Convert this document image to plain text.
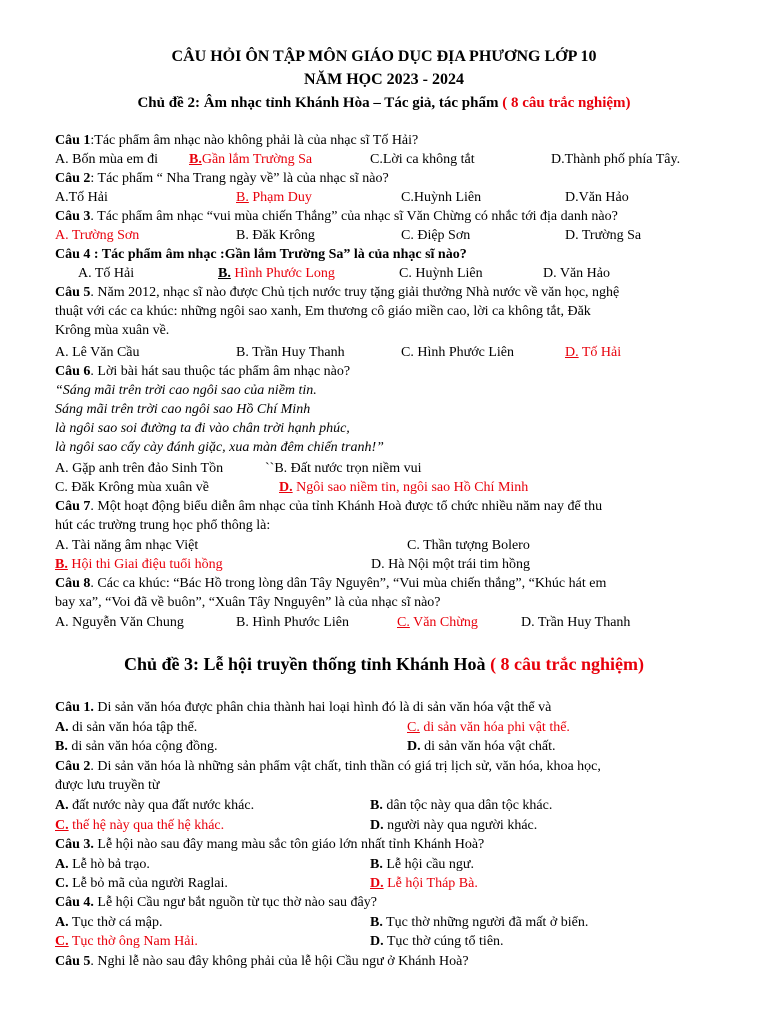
CÂU HỎI ÔN TẬP MÔN GIÁO DỤC ĐỊA PHƯƠNG LỚP 10
NĂM HỌC 2023 - 2024
Chủ đề 2: Âm nhạc tỉnh Khánh Hòa – Tác giả, tác phẩm ( 8 câu trắc nghiệm)
Câu 1:Tác phẩm âm nhạc nào không phải là của nhạc sĩ Tố Hải?
A. Bốn mùa em đi B.Gần lắm Trường Sa	C.Lời ca không tắt	D.Thành phố phía Tây.
Câu 2: Tác phẩm “ Nha Trang ngày về” là của nhạc sĩ nào?
A.Tố Hải	B. Phạm Duy	C.Huỳnh Liên	D.Văn Hảo
Câu 3. Tác phẩm âm nhạc “vui mùa chiến Thắng” của nhạc sĩ Văn Chừng có nhắc tới địa danh nào?
A. Trường Sơn	B. Đăk Krông	C. Điệp Sơn	D. Trường Sa
Câu 4 : Tác phẩm âm nhạc :Gần lắm Trường Sa” là của nhạc sĩ nào?
A. Tố Hải	B. Hình Phước Long	C. Huỳnh Liên	D. Văn Hảo
Câu 5. Năm 2012, nhạc sĩ nào được Chủ tịch nước truy tặng giải thưởng Nhà nước về văn học, nghệ
thuật với các ca khúc: những ngôi sao xanh, Em thương cô giáo miền cao, lời ca không tắt, Đăk
Krông mùa xuân về.
A. Lê Văn Cầu	B. Trần Huy Thanh	C. Hình Phước Liên	D. Tố Hải
Câu 6. Lời bài hát sau thuộc tác phẩm âm nhạc nào?
“Sáng mãi trên trời cao ngôi sao của niềm tin.
Sáng mãi trên trời cao ngôi sao Hồ Chí Minh
là ngôi sao soi đường ta đi vào chân trời hạnh phúc,
là ngôi sao cấy cày đánh giặc, xua màn đêm chiến tranh!”
A. Gặp anh trên đảo Sinh Tồn	``B. Đất nước trọn niềm vui
C. Đăk Krông mùa xuân về	D. Ngôi sao niềm tin, ngôi sao Hồ Chí Minh
Câu 7. Một hoạt động biểu diễn âm nhạc của tỉnh Khánh Hoà được tổ chức nhiều năm nay để thu
hút các trường trung học phổ thông là:
A. Tài năng âm nhạc Việt	C. Thần tượng Bolero
B. Hội thi Giai điệu tuổi hồng	D. Hà Nội một trái tim hồng
Câu 8. Các ca khúc: “Bác Hồ trong lòng dân Tây Nguyên”, “Vui mùa chiến thắng”, “Khúc hát em
bay xa”, “Voi đã về buôn”, “Xuân Tây Nnguyên” là của nhạc sĩ nào?
A. Nguyễn Văn Chung	B. Hình Phước Liên	C. Văn Chừng	D. Trần Huy Thanh
Chủ đề 3: Lễ hội truyền thống tỉnh Khánh Hoà ( 8 câu trắc nghiệm)
Câu 1. Di sản văn hóa được phân chia thành hai loại hình đó là di sản văn hóa vật thể và
A. di sản văn hóa tập thể.	C. di sản văn hóa phi vật thể.
B. di sản văn hóa cộng đồng.	D. di sản văn hóa vật chất.
Câu 2. Di sản văn hóa là những sản phẩm vật chất, tinh thần có giá trị lịch sử, văn hóa, khoa học,
được lưu truyền từ
A. đất nước này qua đất nước khác.	B. dân tộc này qua dân tộc khác.
C. thế hệ này qua thế hệ khác.	D. người này qua người khác.
Câu 3. Lễ hội nào sau đây mang màu sắc tôn giáo lớn nhất tỉnh Khánh Hoà?
A. Lễ hò bả trạo.	B. Lễ hội cầu ngư.
C. Lễ bỏ mã của người Raglai.	D. Lễ hội Tháp Bà.
Câu 4. Lễ hội Cầu ngư bắt nguồn từ tục thờ nào sau đây?
A. Tục thờ cá mập.	B. Tục thờ những người đã mất ở biển.
C. Tục thờ ông Nam Hải.	D. Tục thờ cúng tổ tiên.
Câu 5. Nghi lễ nào sau đây không phải của lễ hội Cầu ngư ở Khánh Hoà?
